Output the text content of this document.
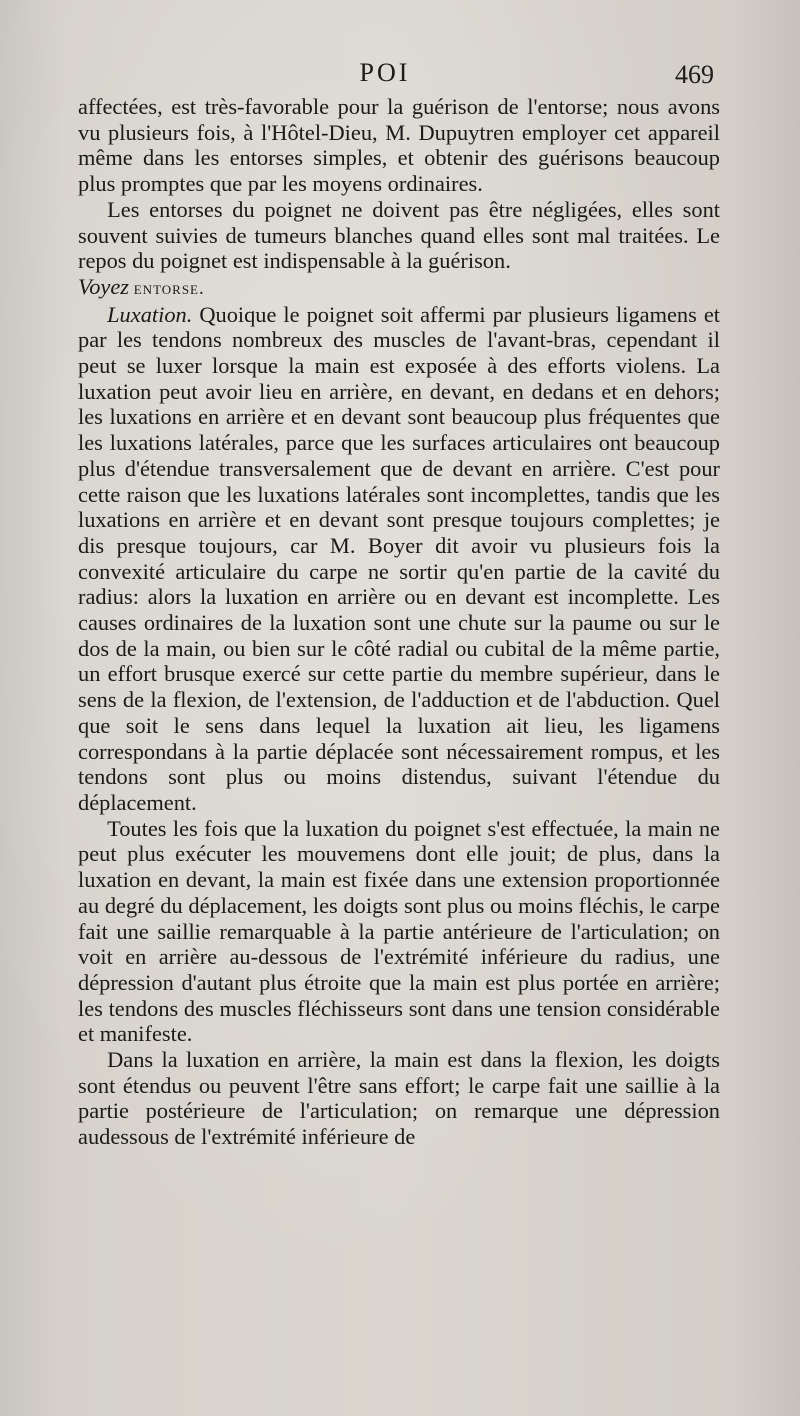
POI	469

affectées, est très-favorable pour la guérison de l'entorse; nous avons vu plusieurs fois, à l'Hôtel-Dieu, M. Dupuytren employer cet appareil même dans les entorses simples, et obtenir des guérisons beaucoup plus promptes que par les moyens ordinaires.

Les entorses du poignet ne doivent pas être négligées, elles sont souvent suivies de tumeurs blanches quand elles sont mal traitées. Le repos du poignet est indispensable à la guérison.

Voyez entorse.

Luxation. Quoique le poignet soit affermi par plusieurs ligamens et par les tendons nombreux des muscles de l'avant-bras, cependant il peut se luxer lorsque la main est exposée à des efforts violens. La luxation peut avoir lieu en arrière, en devant, en dedans et en dehors; les luxations en arrière et en devant sont beaucoup plus fréquentes que les luxations latérales, parce que les surfaces articulaires ont beaucoup plus d'étendue transversalement que de devant en arrière. C'est pour cette raison que les luxations latérales sont incomplettes, tandis que les luxations en arrière et en devant sont presque toujours complettes; je dis presque toujours, car M. Boyer dit avoir vu plusieurs fois la convexité articulaire du carpe ne sortir qu'en partie de la cavité du radius: alors la luxation en arrière ou en devant est incomplette. Les causes ordinaires de la luxation sont une chute sur la paume ou sur le dos de la main, ou bien sur le côté radial ou cubital de la même partie, un effort brusque exercé sur cette partie du membre supérieur, dans le sens de la flexion, de l'extension, de l'adduction et de l'abduction. Quel que soit le sens dans lequel la luxation ait lieu, les ligamens correspondans à la partie déplacée sont nécessairement rompus, et les tendons sont plus ou moins distendus, suivant l'étendue du déplacement.

Toutes les fois que la luxation du poignet s'est effectuée, la main ne peut plus exécuter les mouvemens dont elle jouit; de plus, dans la luxation en devant, la main est fixée dans une extension proportionnée au degré du déplacement, les doigts sont plus ou moins fléchis, le carpe fait une saillie remarquable à la partie antérieure de l'articulation; on voit en arrière au-dessous de l'extrémité inférieure du radius, une dépression d'autant plus étroite que la main est plus portée en arrière; les tendons des muscles fléchisseurs sont dans une tension considérable et manifeste.

Dans la luxation en arrière, la main est dans la flexion, les doigts sont étendus ou peuvent l'être sans effort; le carpe fait une saillie à la partie postérieure de l'articulation; on remarque une dépression audessous de l'extrémité inférieure de
